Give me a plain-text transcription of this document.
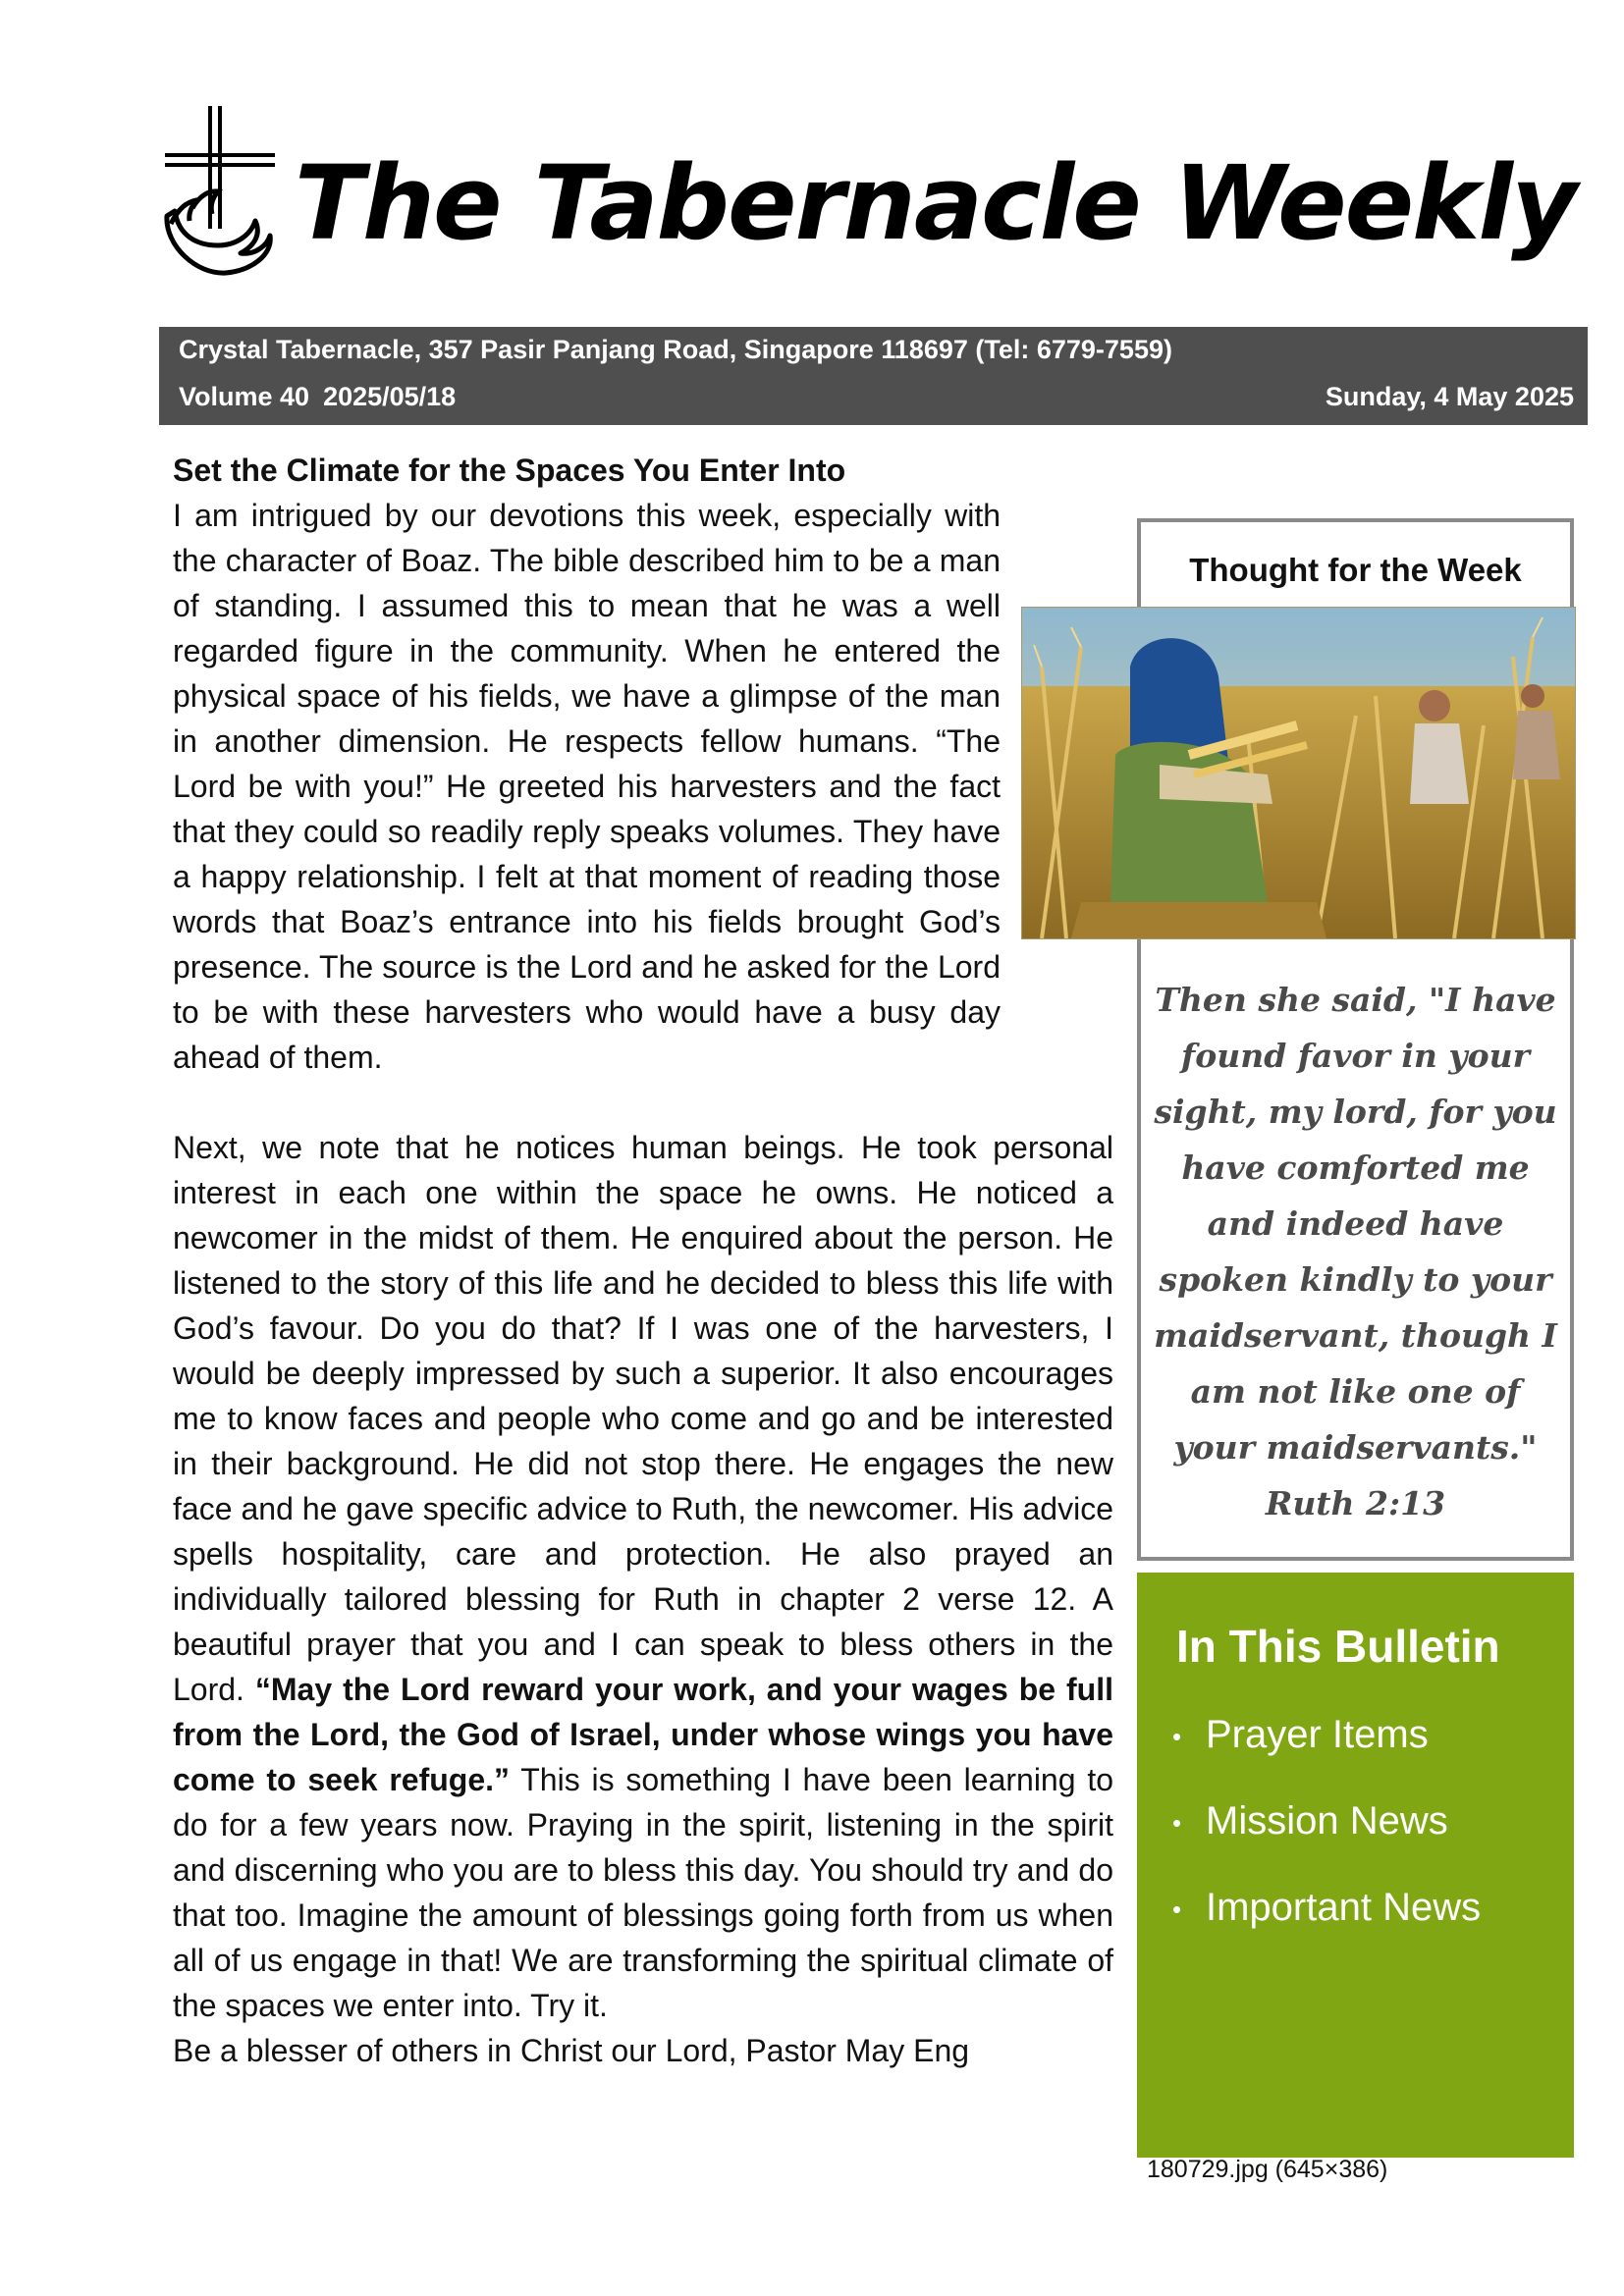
The Tabernacle Weekly
Crystal Tabernacle, 357 Pasir Panjang Road, Singapore 118697 (Tel: 6779-7559)
Volume 40 2025/05/18	Sunday, 4 May 2025

Set the Climate for the Spaces You Enter Into

I am intrigued by our devotions this week, especially with the character of Boaz. The bible described him to be a man of standing. I assumed this to mean that he was a well regarded figure in the community. When he entered the physical space of his fields, we have a glimpse of the man in another dimension. He respects fellow humans. “The Lord be with you!” He greeted his harvesters and the fact that they could so readily reply speaks volumes. They have a happy relationship. I felt at that moment of reading those words that Boaz’s entrance into his fields brought God’s presence. The source is the Lord and he asked for the Lord to be with these harvesters who would have a busy day ahead of them.

Next, we note that he notices human beings. He took personal interest in each one within the space he owns. He noticed a newcomer in the midst of them. He enquired about the person. He listened to the story of this life and he decided to bless this life with God’s favour. Do you do that? If I was one of the harvesters, I would be deeply impressed by such a superior. It also encourages me to know faces and people who come and go and be interested in their background. He did not stop there. He engages the new face and he gave specific advice to Ruth, the newcomer. His advice spells hospitality, care and protection. He also prayed an individually tailored blessing for Ruth in chapter 2 verse 12. A beautiful prayer that you and I can speak to bless others in the Lord. “May the Lord reward your work, and your wages be full from the Lord, the God of Israel, under whose wings you have come to seek refuge.” This is something I have been learning to do for a few years now. Praying in the spirit, listening in the spirit and discerning who you are to bless this day. You should try and do that too. Imagine the amount of blessings going forth from us when all of us engage in that! We are transforming the spiritual climate of the spaces we enter into. Try it.

Be a blesser of others in Christ our Lord, Pastor May Eng

Thought for the Week
Then she said, "I have found favor in your sight, my lord, for you have comforted me and indeed have spoken kindly to your maidservant, though I am not like one of your maidservants."
Ruth 2:13
In This Bulletin
• Prayer Items
• Mission News
• Important News
180729.jpg (645×386)
